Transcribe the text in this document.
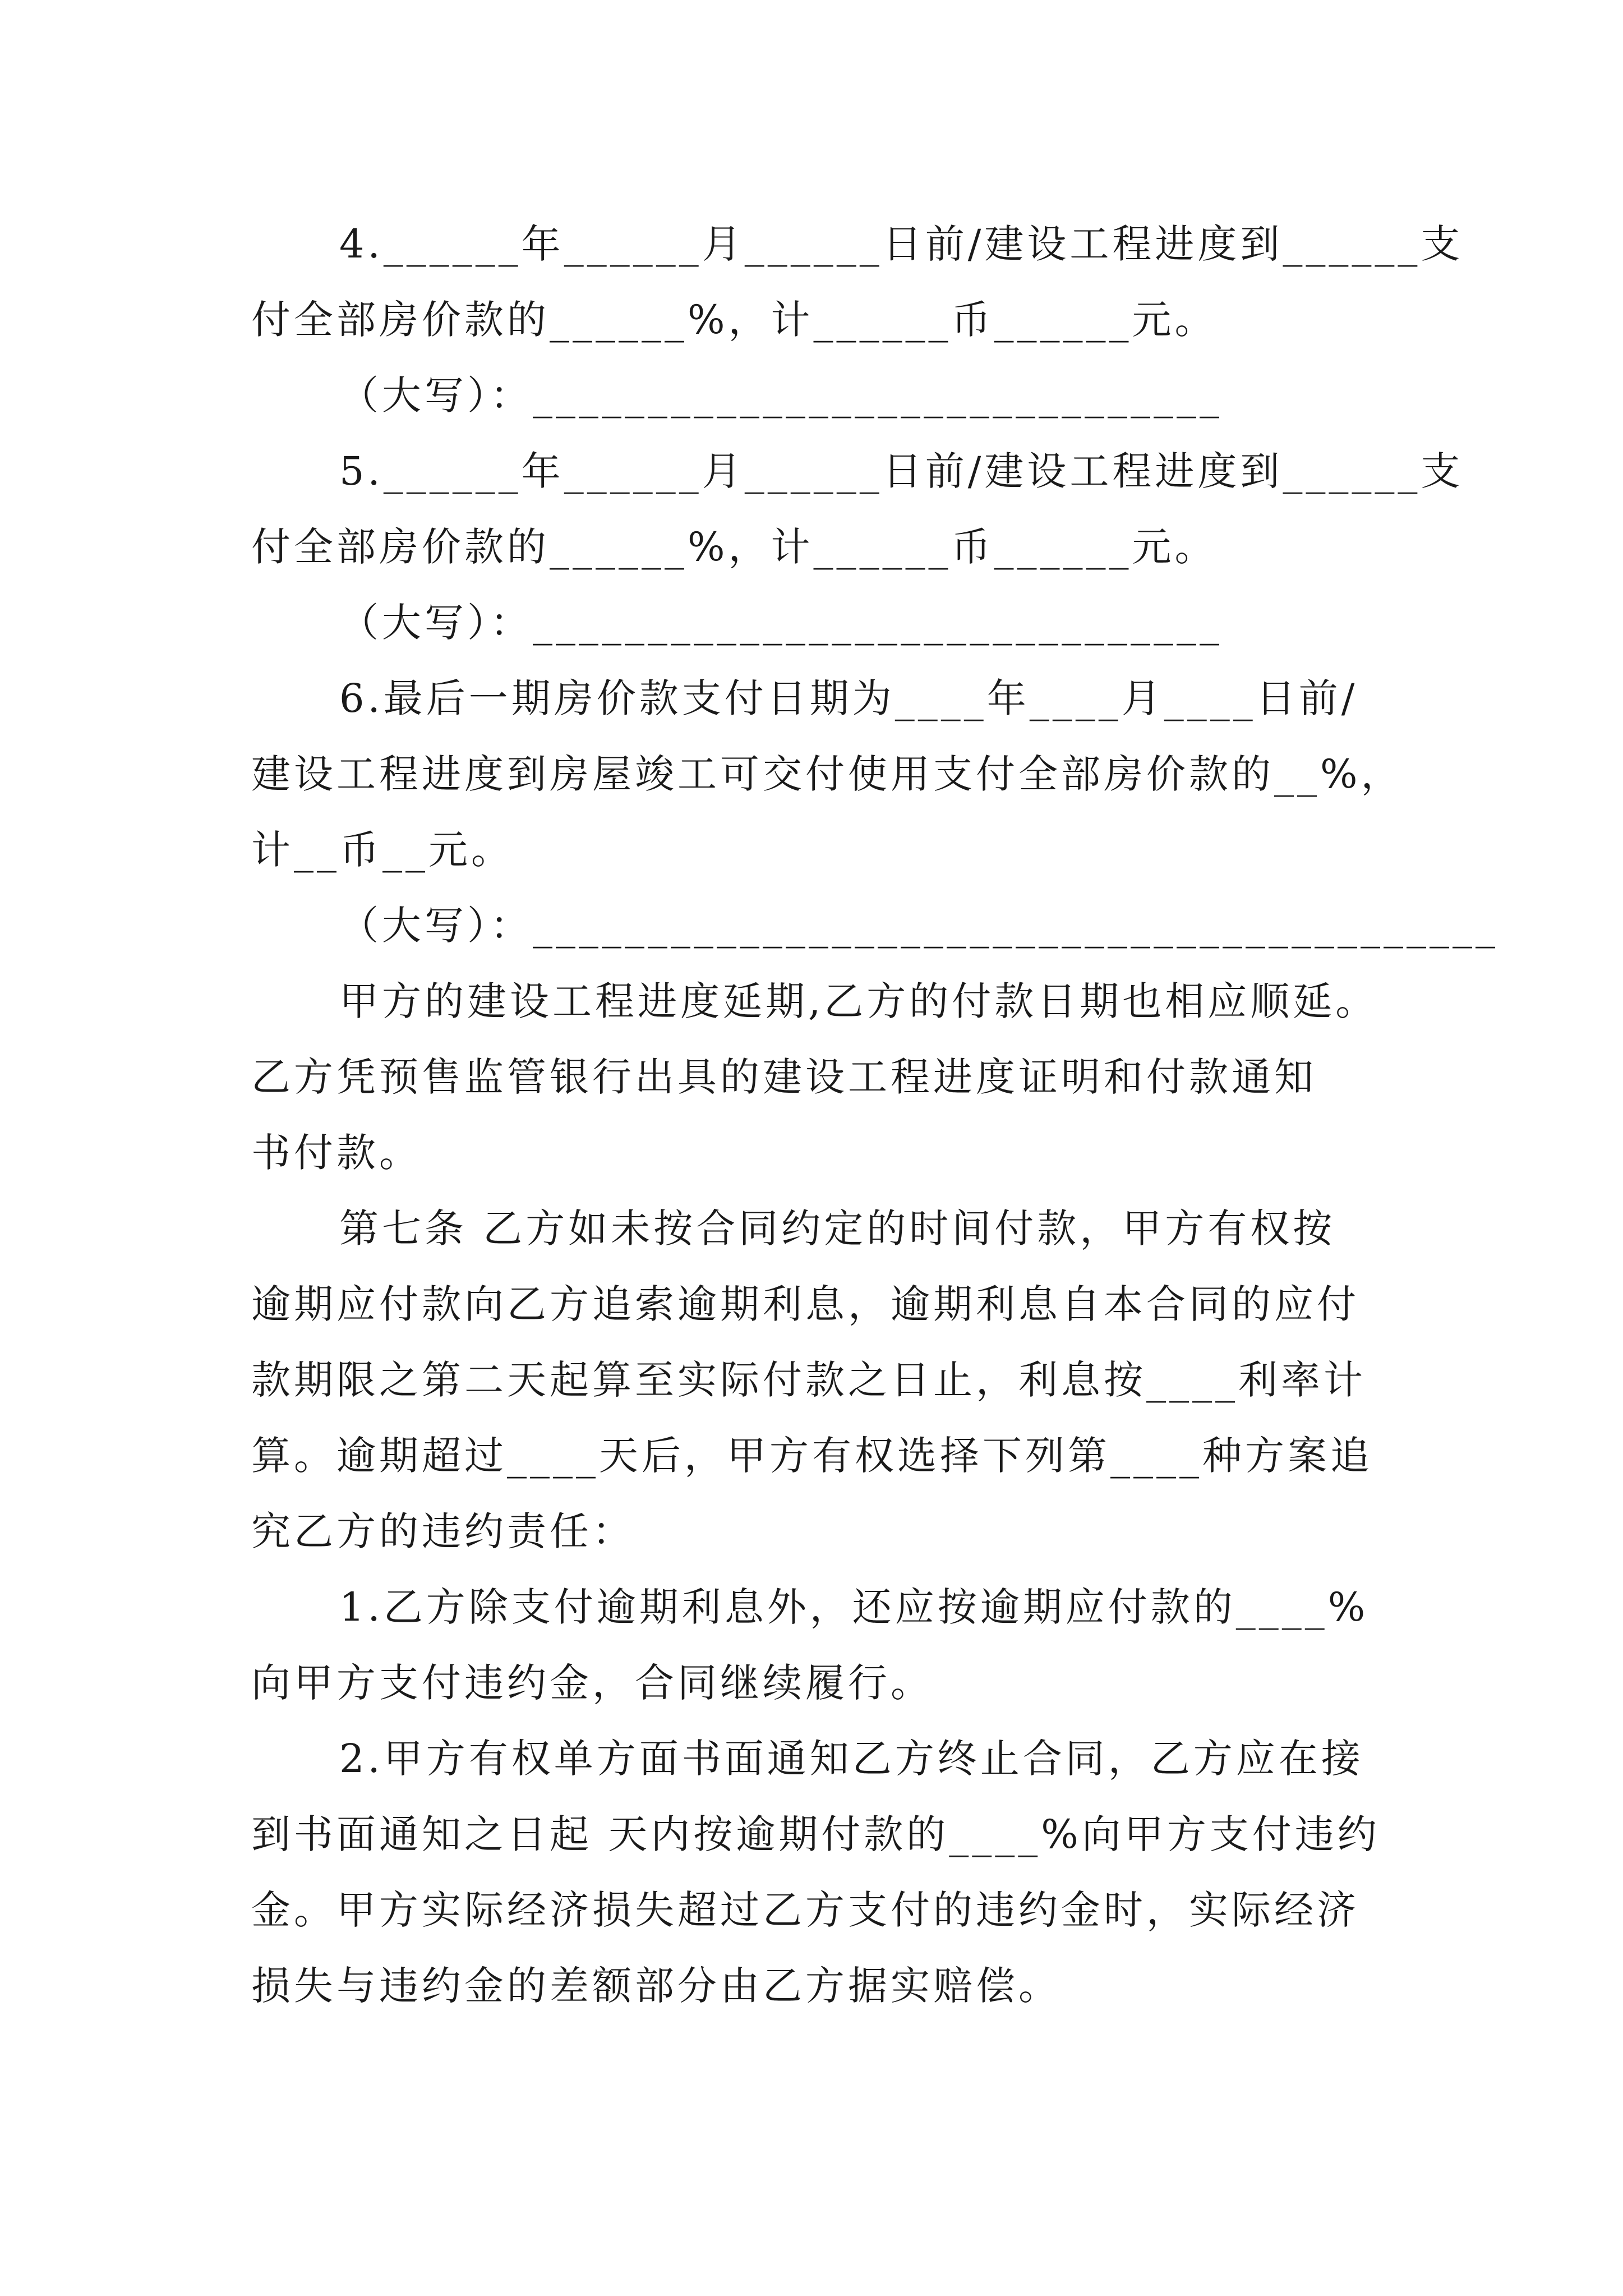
4.______年______月______日前/建设工程进度到______支
付全部房价款的______%，计______币______元。
（大写）：______________________________
5.______年______月______日前/建设工程进度到______支
付全部房价款的______%，计______币______元。
（大写）：______________________________
6.最后一期房价款支付日期为____年____月____日前/
建设工程进度到房屋竣工可交付使用支付全部房价款的__%，
计__币__元。
（大写）：__________________________________________
甲方的建设工程进度延期,乙方的付款日期也相应顺延。
乙方凭预售监管银行出具的建设工程进度证明和付款通知
书付款。
第七条 乙方如未按合同约定的时间付款，甲方有权按
逾期应付款向乙方追索逾期利息，逾期利息自本合同的应付
款期限之第二天起算至实际付款之日止，利息按____利率计
算。逾期超过____天后，甲方有权选择下列第____种方案追
究乙方的违约责任：
1.乙方除支付逾期利息外，还应按逾期应付款的____%
向甲方支付违约金，合同继续履行。
2.甲方有权单方面书面通知乙方终止合同，乙方应在接
到书面通知之日起 天内按逾期付款的____%向甲方支付违约
金。甲方实际经济损失超过乙方支付的违约金时，实际经济
损失与违约金的差额部分由乙方据实赔偿。
